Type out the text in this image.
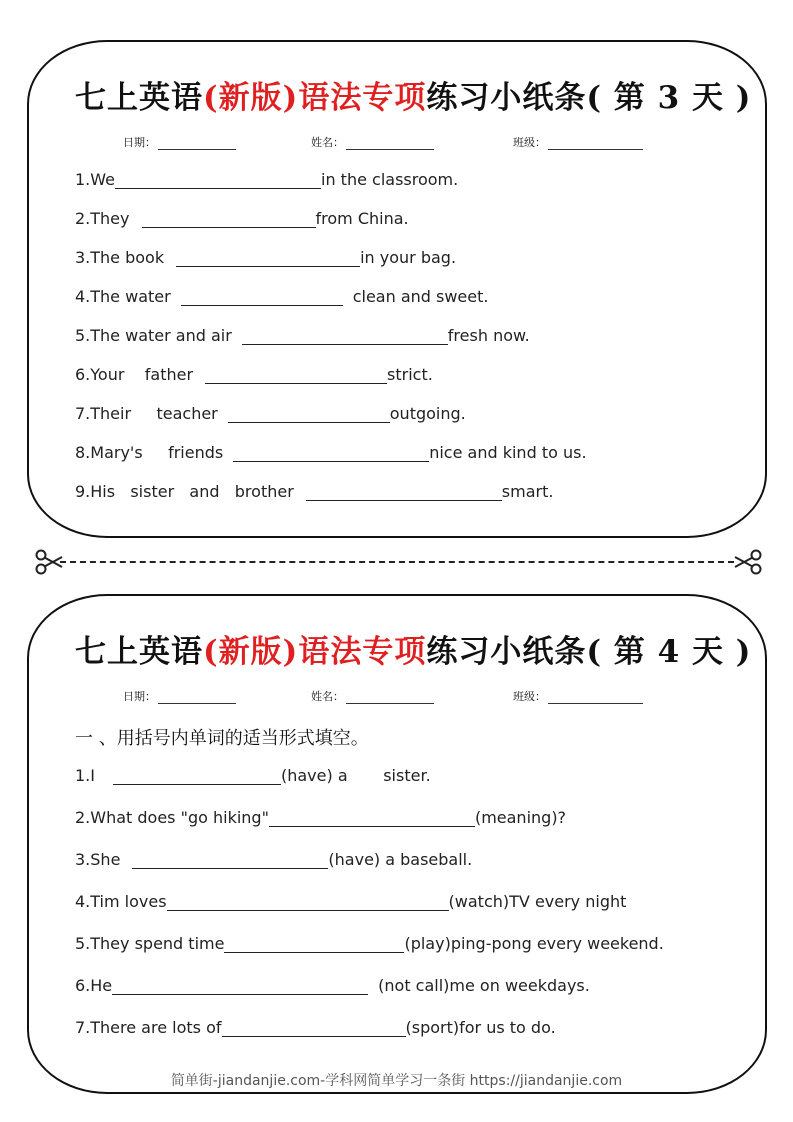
七上英语(新版)语法专项练习小纸条( 第 3 天 )
日期：	姓名：	班级：
1.We	in the classroom.
2.They	from China.
3.The book	in your bag.
4.The water	clean and sweet.
5.The water and air	fresh now.
6.Your    father	strict.
7.Their     teacher	outgoing.
8.Mary's     friends	nice and kind to us.
9.His   sister   and   brother	smart.
七上英语(新版)语法专项练习小纸条( 第 4 天 )
日期：	姓名：	班级：
一 、用括号内单词的适当形式填空。
1.I	(have) a       sister.
2.What does "go hiking"	(meaning)?
3.She	(have) a baseball.
4.Tim loves	(watch)TV every night
5.They spend time	(play)ping-pong every weekend.
6.He	(not call)me on weekdays.
7.There are lots of	(sport)for us to do.
简单街-jiandanjie.com-学科网简单学习一条街 https://jiandanjie.com
